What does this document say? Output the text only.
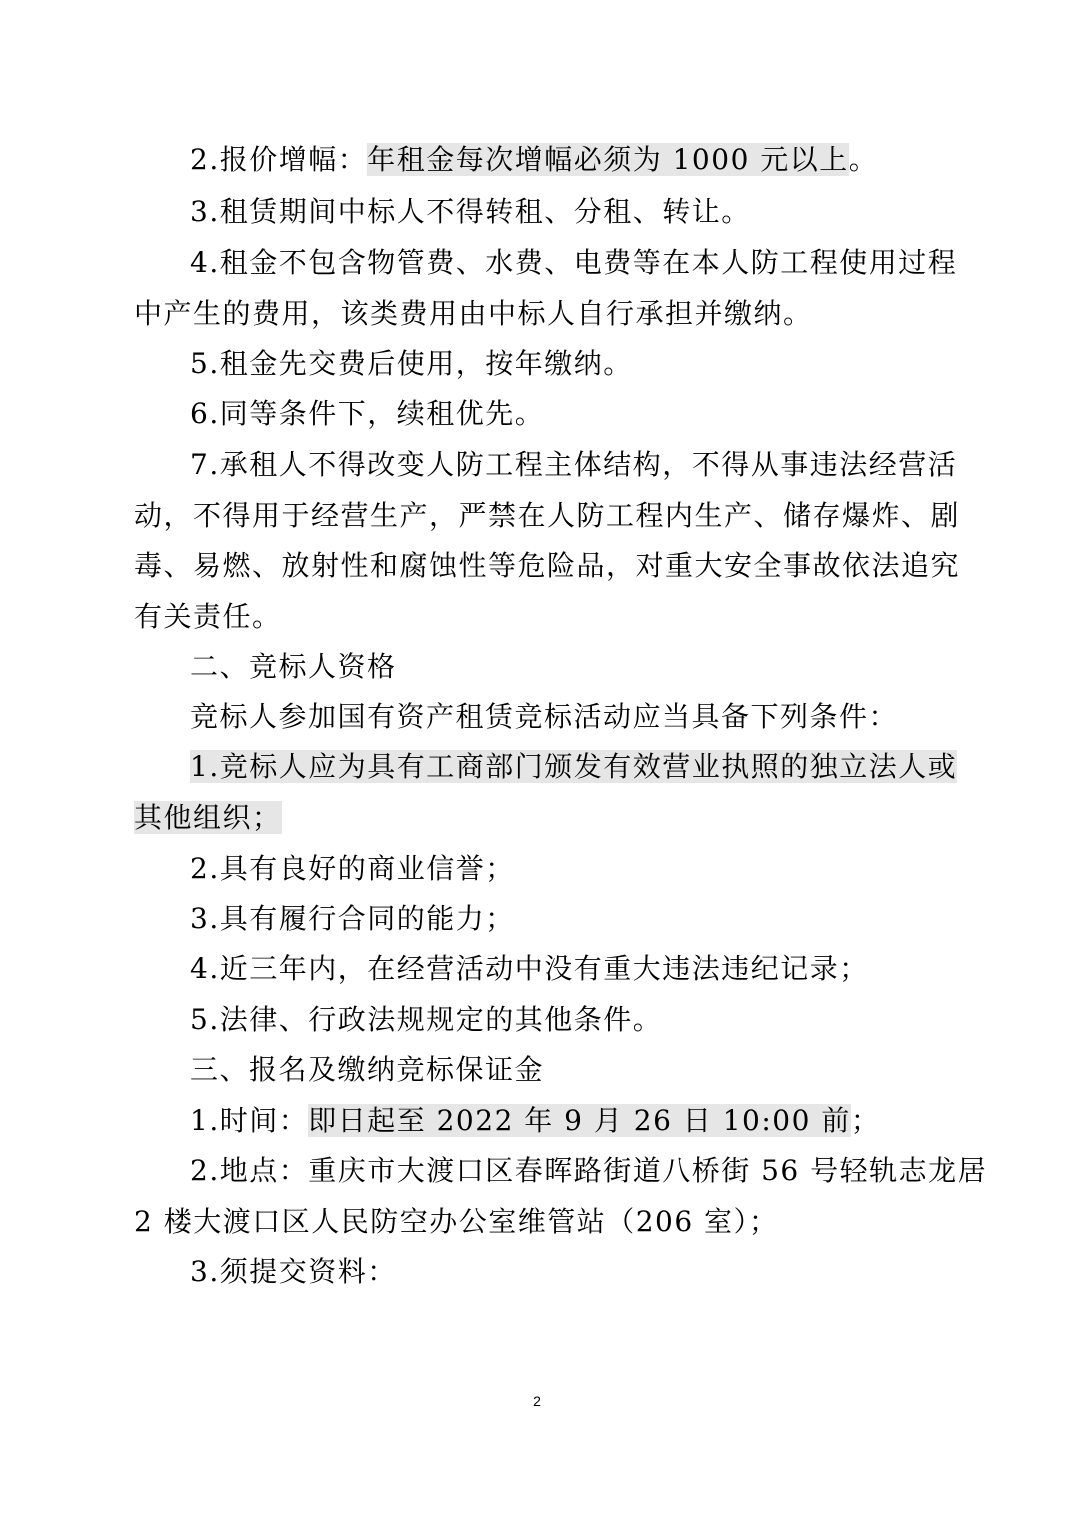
2.报价增幅：年租金每次增幅必须为 1000 元以上。
3.租赁期间中标人不得转租、分租、转让。
4.租金不包含物管费、水费、电费等在本人防工程使用过程
中产生的费用，该类费用由中标人自行承担并缴纳。
5.租金先交费后使用，按年缴纳。
6.同等条件下，续租优先。
7.承租人不得改变人防工程主体结构，不得从事违法经营活
动，不得用于经营生产，严禁在人防工程内生产、储存爆炸、剧
毒、易燃、放射性和腐蚀性等危险品，对重大安全事故依法追究
有关责任。
二、竞标人资格
竞标人参加国有资产租赁竞标活动应当具备下列条件：
1.竞标人应为具有工商部门颁发有效营业执照的独立法人或
其他组织；
2.具有良好的商业信誉；
3.具有履行合同的能力；
4.近三年内，在经营活动中没有重大违法违纪记录；
5.法律、行政法规规定的其他条件。
三、报名及缴纳竞标保证金
1.时间：即日起至 2022 年 9 月 26 日 10:00 前；
2.地点：重庆市大渡口区春晖路街道八桥街 56 号轻轨志龙居
2 楼大渡口区人民防空办公室维管站（206 室）；
3.须提交资料：
2
